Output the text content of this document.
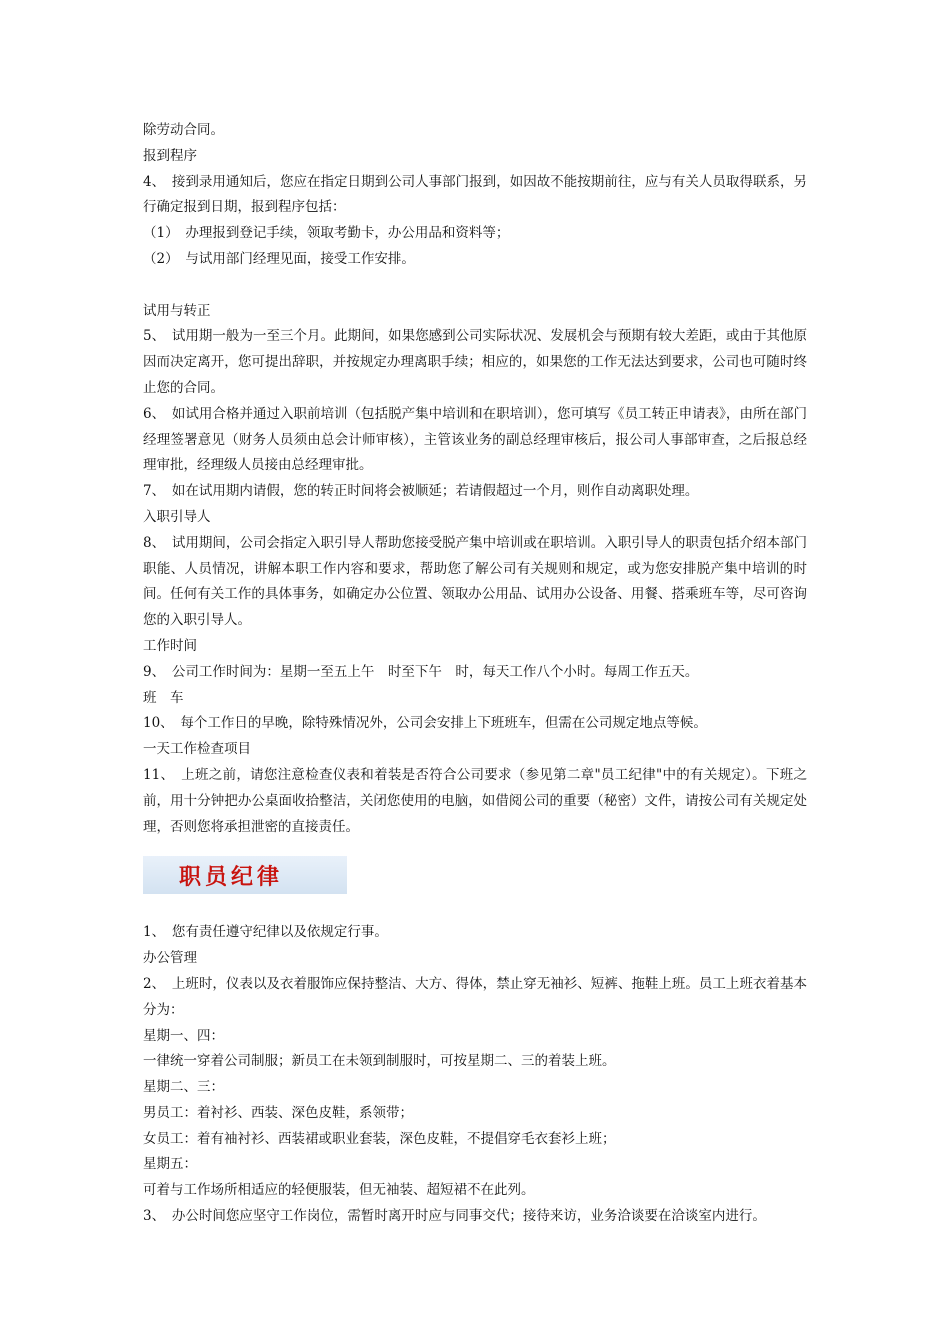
除劳动合同。

报到程序

4、　接到录用通知后，您应在指定日期到公司人事部门报到，如因故不能按期前往，应与有关人员取得联系，另行确定报到日期，报到程序包括：

（1）　办理报到登记手续，领取考勤卡，办公用品和资料等；

（2）　与试用部门经理见面，接受工作安排。

试用与转正

5、　试用期一般为一至三个月。此期间，如果您感到公司实际状况、发展机会与预期有较大差距，或由于其他原因而决定离开，您可提出辞职，并按规定办理离职手续；相应的，如果您的工作无法达到要求，公司也可随时终止您的合同。

6、　如试用合格并通过入职前培训（包括脱产集中培训和在职培训），您可填写《员工转正申请表》，由所在部门经理签署意见（财务人员须由总会计师审核），主管该业务的副总经理审核后，报公司人事部审查，之后报总经理审批，经理级人员接由总经理审批。

7、　如在试用期内请假，您的转正时间将会被顺延；若请假超过一个月，则作自动离职处理。

入职引导人

8、　试用期间，公司会指定入职引导人帮助您接受脱产集中培训或在职培训。入职引导人的职责包括介绍本部门职能、人员情况，讲解本职工作内容和要求，帮助您了解公司有关规则和规定，或为您安排脱产集中培训的时间。任何有关工作的具体事务，如确定办公位置、领取办公用品、试用办公设备、用餐、搭乘班车等，尽可咨询您的入职引导人。

工作时间

9、　公司工作时间为：星期一至五上午　时至下午　时，每天工作八个小时。每周工作五天。

班　车

10、　每个工作日的早晚，除特殊情况外，公司会安排上下班班车，但需在公司规定地点等候。

一天工作检查项目

11、　上班之前，请您注意检查仪表和着装是否符合公司要求（参见第二章"员工纪律"中的有关规定）。下班之前，用十分钟把办公桌面收拾整洁，关闭您使用的电脑，如借阅公司的重要（秘密）文件，请按公司有关规定处理，否则您将承担泄密的直接责任。

职员纪律

1、　您有责任遵守纪律以及依规定行事。

办公管理

2、　上班时，仪表以及衣着服饰应保持整洁、大方、得体，禁止穿无袖衫、短裤、拖鞋上班。员工上班衣着基本分为：

星期一、四：

一律统一穿着公司制服；新员工在未领到制服时，可按星期二、三的着装上班。

星期二、三：

男员工：着衬衫、西装、深色皮鞋，系领带；

女员工：着有袖衬衫、西装裙或职业套装，深色皮鞋，不提倡穿毛衣套衫上班；

星期五：

可着与工作场所相适应的轻便服装，但无袖装、超短裙不在此列。

3、　办公时间您应坚守工作岗位，需暂时离开时应与同事交代；接待来访，业务洽谈要在洽谈室内进行。
